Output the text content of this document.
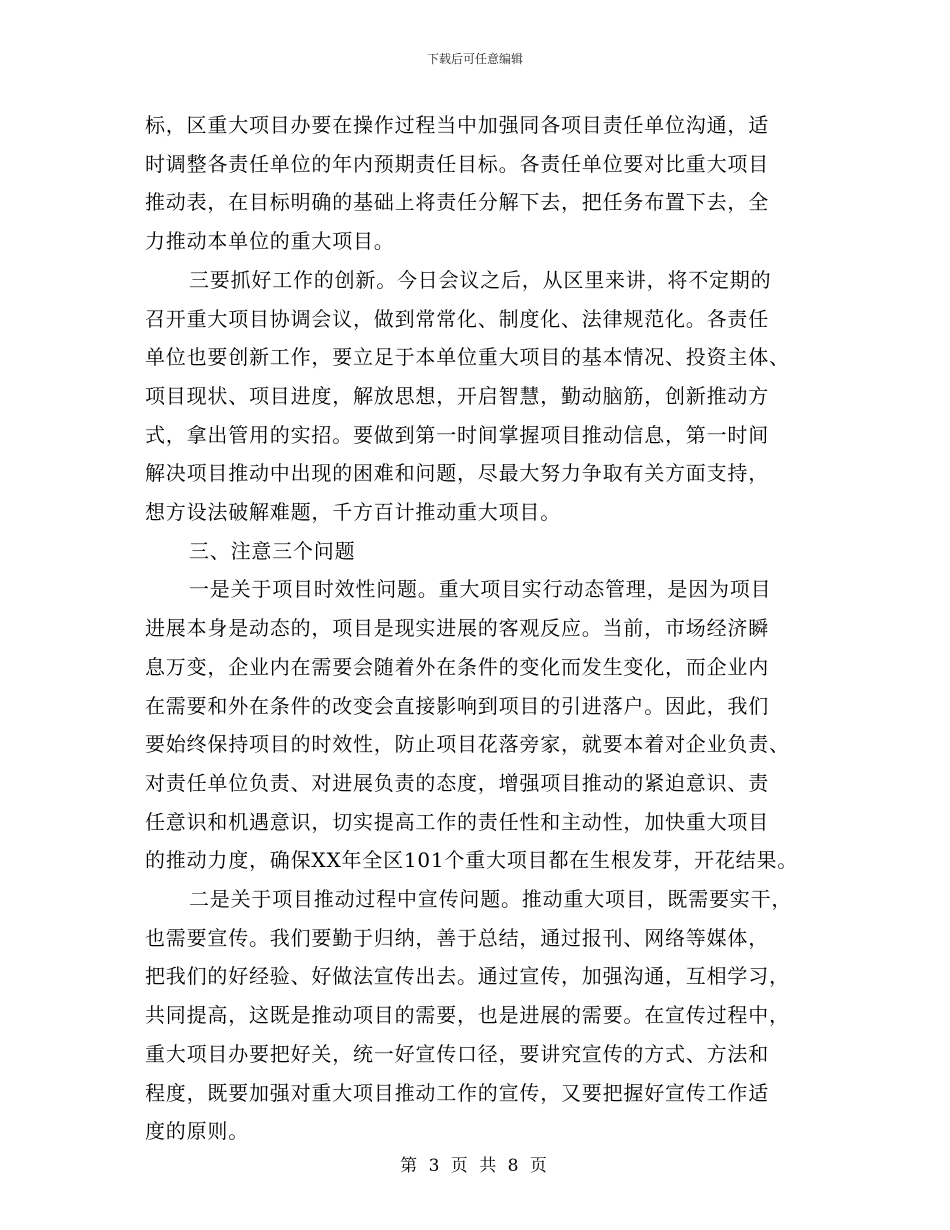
下载后可任意编辑
标，区重大项目办要在操作过程当中加强同各项目责任单位沟通，适
时调整各责任单位的年内预期责任目标。各责任单位要对比重大项目
推动表，在目标明确的基础上将责任分解下去，把任务布置下去，全
力推动本单位的重大项目。
三要抓好工作的创新。今日会议之后，从区里来讲，将不定期的
召开重大项目协调会议，做到常常化、制度化、法律规范化。各责任
单位也要创新工作，要立足于本单位重大项目的基本情况、投资主体、
项目现状、项目进度，解放思想，开启智慧，勤动脑筋，创新推动方
式，拿出管用的实招。要做到第一时间掌握项目推动信息，第一时间
解决项目推动中出现的困难和问题，尽最大努力争取有关方面支持，
想方设法破解难题，千方百计推动重大项目。
三、注意三个问题
一是关于项目时效性问题。重大项目实行动态管理，是因为项目
进展本身是动态的，项目是现实进展的客观反应。当前，市场经济瞬
息万变，企业内在需要会随着外在条件的变化而发生变化，而企业内
在需要和外在条件的改变会直接影响到项目的引进落户。因此，我们
要始终保持项目的时效性，防止项目花落旁家，就要本着对企业负责、
对责任单位负责、对进展负责的态度，增强项目推动的紧迫意识、责
任意识和机遇意识，切实提高工作的责任性和主动性，加快重大项目
的推动力度，确保XX年全区101个重大项目都在生根发芽，开花结果。
二是关于项目推动过程中宣传问题。推动重大项目，既需要实干，
也需要宣传。我们要勤于归纳，善于总结，通过报刊、网络等媒体，
把我们的好经验、好做法宣传出去。通过宣传，加强沟通，互相学习，
共同提高，这既是推动项目的需要，也是进展的需要。在宣传过程中，
重大项目办要把好关，统一好宣传口径，要讲究宣传的方式、方法和
程度，既要加强对重大项目推动工作的宣传，又要把握好宣传工作适
度的原则。
第 3 页 共 8 页
